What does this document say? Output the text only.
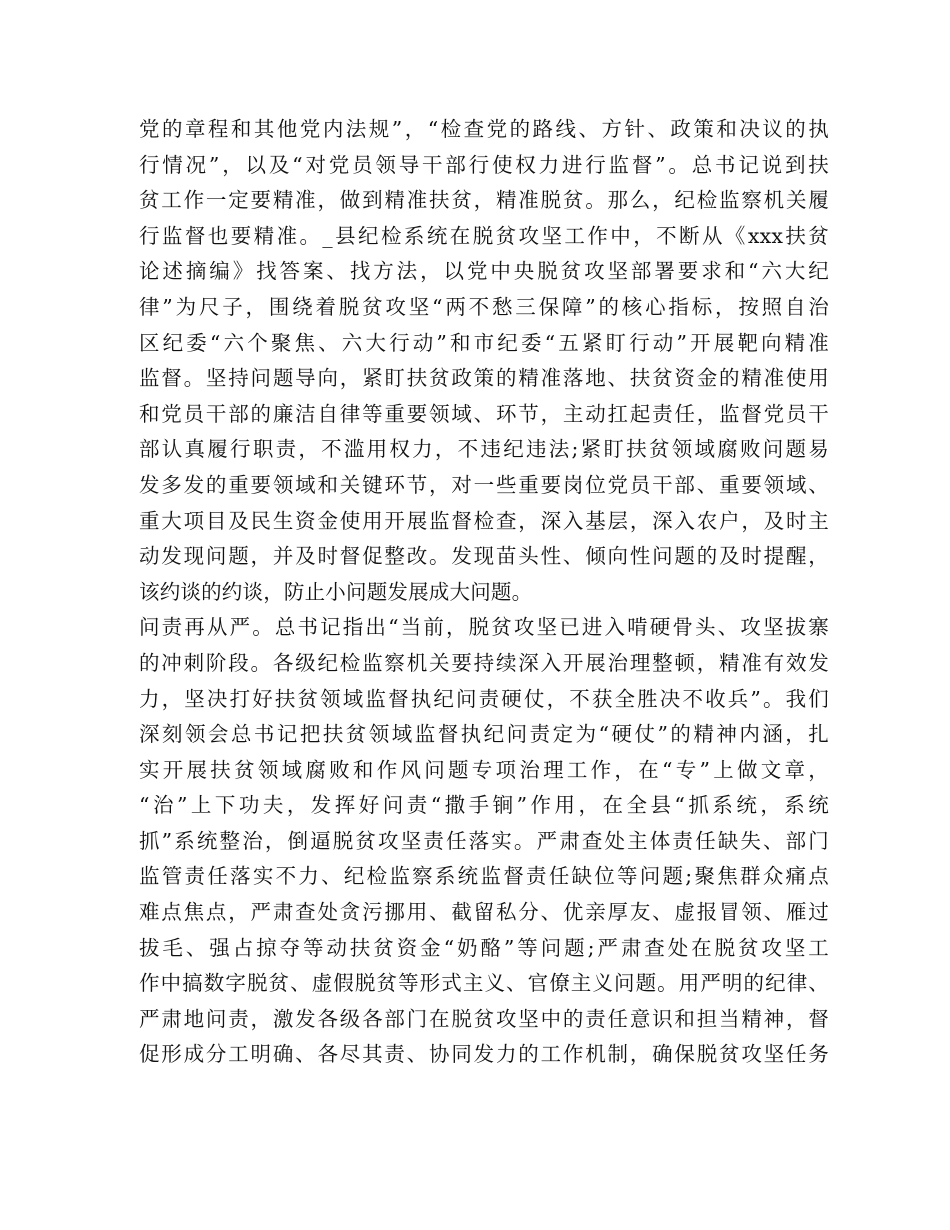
党的章程和其他党内法规”，“检查党的路线、方针、政策和决议的执
行情况”，以及“对党员领导干部行使权力进行监督”。总书记说到扶
贫工作一定要精准，做到精准扶贫，精准脱贫。那么，纪检监察机关履
行监督也要精准。_县纪检系统在脱贫攻坚工作中，不断从《xxx扶贫
论述摘编》找答案、找方法，以党中央脱贫攻坚部署要求和“六大纪
律”为尺子，围绕着脱贫攻坚“两不愁三保障”的核心指标，按照自治
区纪委“六个聚焦、六大行动”和市纪委“五紧盯行动”开展靶向精准
监督。坚持问题导向，紧盯扶贫政策的精准落地、扶贫资金的精准使用
和党员干部的廉洁自律等重要领域、环节，主动扛起责任，监督党员干
部认真履行职责，不滥用权力，不违纪违法;紧盯扶贫领域腐败问题易
发多发的重要领域和关键环节，对一些重要岗位党员干部、重要领域、
重大项目及民生资金使用开展监督检查，深入基层，深入农户，及时主
动发现问题，并及时督促整改。发现苗头性、倾向性问题的及时提醒，
该约谈的约谈，防止小问题发展成大问题。
问责再从严。总书记指出“当前，脱贫攻坚已进入啃硬骨头、攻坚拔寨
的冲刺阶段。各级纪检监察机关要持续深入开展治理整顿，精准有效发
力，坚决打好扶贫领域监督执纪问责硬仗，不获全胜决不收兵”。我们
深刻领会总书记把扶贫领域监督执纪问责定为“硬仗”的精神内涵，扎
实开展扶贫领域腐败和作风问题专项治理工作，在“专”上做文章，
“治”上下功夫，发挥好问责“撒手锏”作用，在全县“抓系统，系统
抓”系统整治，倒逼脱贫攻坚责任落实。严肃查处主体责任缺失、部门
监管责任落实不力、纪检监察系统监督责任缺位等问题;聚焦群众痛点
难点焦点，严肃查处贪污挪用、截留私分、优亲厚友、虚报冒领、雁过
拔毛、强占掠夺等动扶贫资金“奶酪”等问题;严肃查处在脱贫攻坚工
作中搞数字脱贫、虚假脱贫等形式主义、官僚主义问题。用严明的纪律、
严肃地问责，激发各级各部门在脱贫攻坚中的责任意识和担当精神，督
促形成分工明确、各尽其责、协同发力的工作机制，确保脱贫攻坚任务
